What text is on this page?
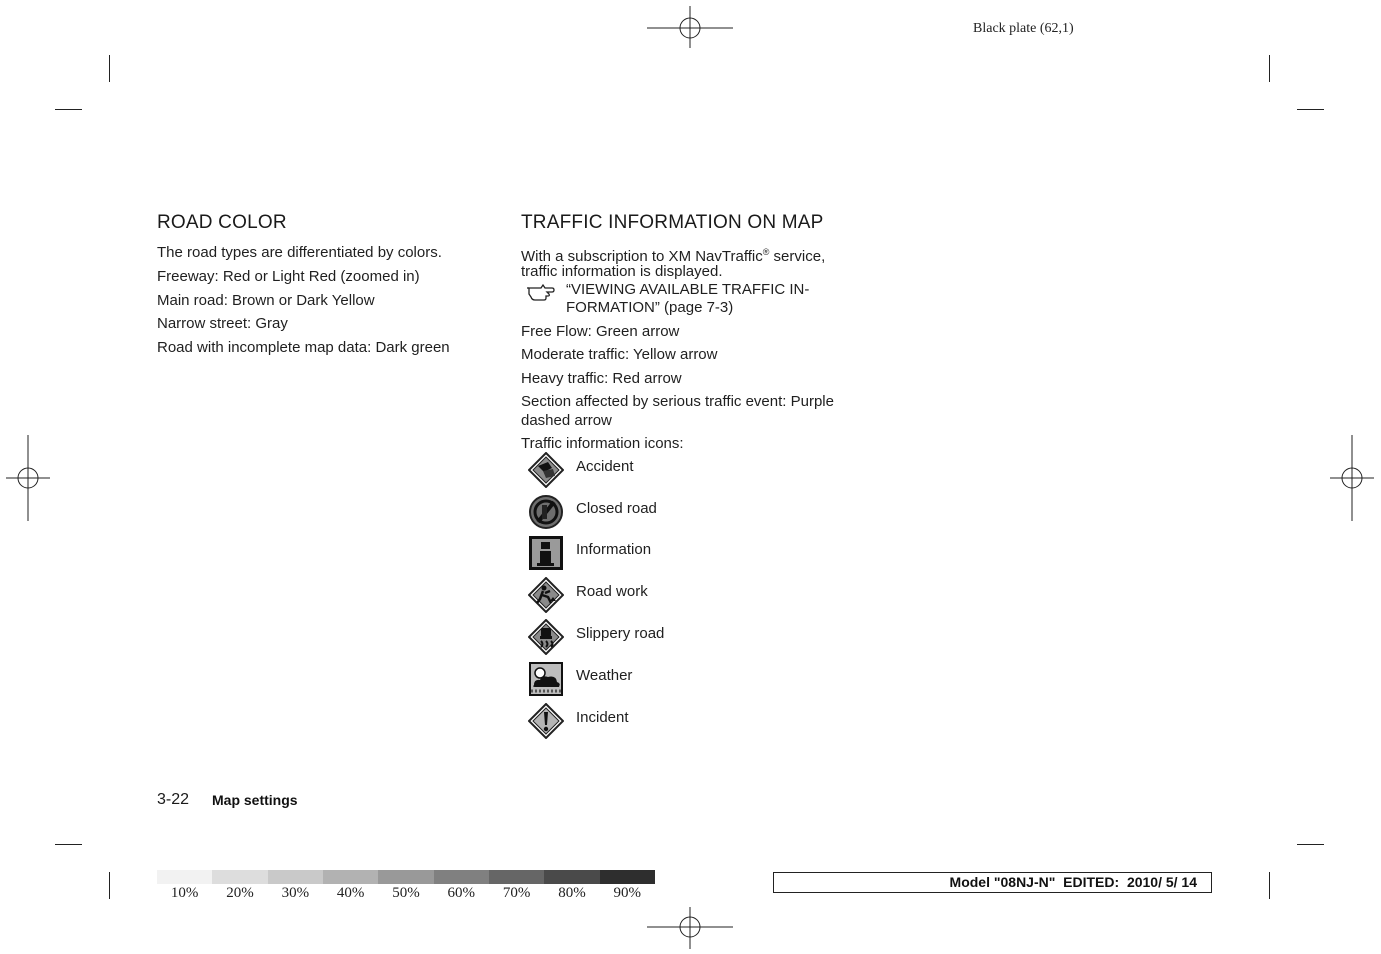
Black plate (62,1)
ROAD COLOR
The road types are differentiated by colors.
Freeway: Red or Light Red (zoomed in)
Main road: Brown or Dark Yellow
Narrow street: Gray
Road with incomplete map data: Dark green
TRAFFIC INFORMATION ON MAP
With a subscription to XM NavTraffic® service,
traffic information is displayed.
“VIEWING AVAILABLE TRAFFIC IN-
FORMATION” (page 7-3)
Free Flow: Green arrow
Moderate traffic: Yellow arrow
Heavy traffic: Red arrow
Section affected by serious traffic event: Purple
dashed arrow
Traffic information icons:
Accident
Closed road
Information
Road work
Slippery road
Weather
Incident
3-22 Map settings
10%	20%	30%	40%	50%	60%	70%	80%	90%
Model "08NJ-N"  EDITED:  2010/ 5/ 14
